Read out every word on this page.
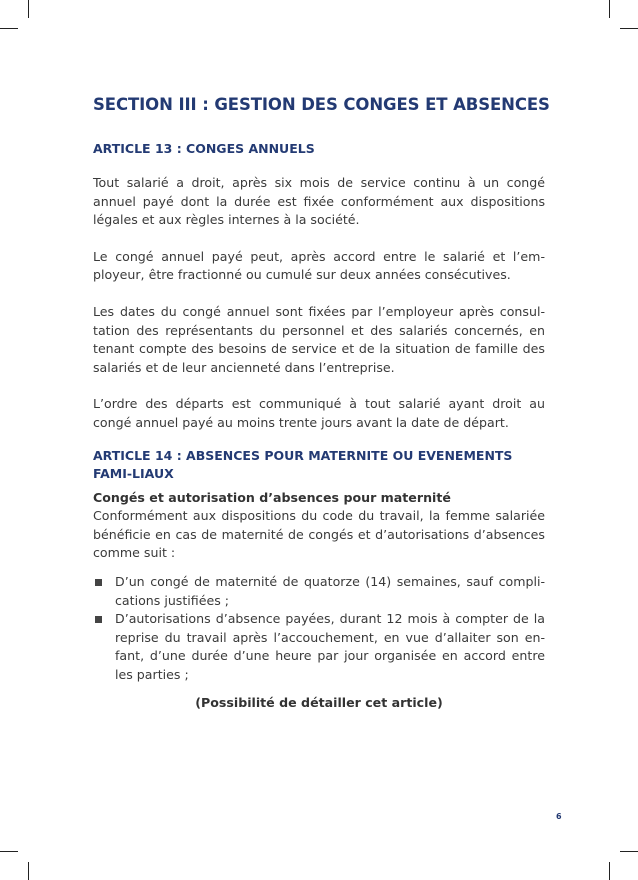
SECTION III : GESTION DES CONGES ET ABSENCES
ARTICLE 13 : CONGES ANNUELS

Tout salarié a droit, après six mois de service continu à un congé annuel payé dont la durée est fixée conformément aux dispositions légales et aux règles internes à la société.

Le congé annuel payé peut, après accord entre le salarié et l’em-ployeur, être fractionné ou cumulé sur deux années consécutives.

Les dates du congé annuel sont fixées par l’employeur après consul-tation des représentants du personnel et des salariés concernés, en tenant compte des besoins de service et de la situation de famille des salariés et de leur ancienneté dans l’entreprise.

L’ordre des départs est communiqué à tout salarié ayant droit au congé annuel payé au moins trente jours avant la date de départ.

ARTICLE 14 : ABSENCES POUR MATERNITE OU EVENEMENTS FAMI-LIAUX
Congés et autorisation d’absences pour maternité

Conformément aux dispositions du code du travail, la femme salariée bénéficie en cas de maternité de congés et d’autorisations d’absences comme suit :

D’un congé de maternité de quatorze (14) semaines, sauf compli-cations justifiées ;
D’autorisations d’absence payées, durant 12 mois à compter de la reprise du travail après l’accouchement, en vue d’allaiter son en-fant, d’une durée d’une heure par jour organisée en accord entre les parties ;
(Possibilité de détailler cet article)
6
